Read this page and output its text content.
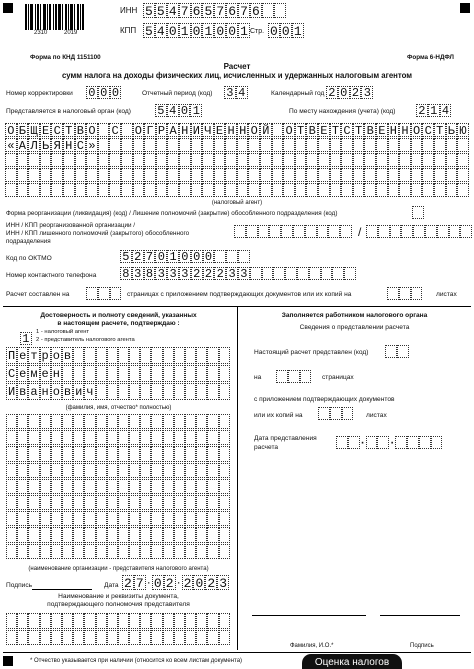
2310	2019
ИНН 5 5 4 7 6 5 7 6 7 6
КПП 5 4 0 1 0 1 0 0 1 Стр. 0 0 1
Форма по КНД 1151100	Форма 6-НДФЛ
Расчет
сумм налога на доходы физических лиц, исчисленных и удержанных налоговым агентом
Номер корректировки 0 0 0	Отчетный период (код) 3 4	Календарный год 2 0 2 3
Представляется в налоговый орган (код) 5 4 0 1	По месту нахождения (учета) (код) 2 1 4
О Б Щ Е С Т В О С О Г Р А Н И Ч Е Н Н О Й О Т В Е Т С Т В Е Н Н О С Т Ь Ю
« А Л Ь Я Н С »
(налоговый агент)
Форма реорганизации (ликвидация) (код) / Лишение полномочий (закрытие) обособленного подразделения (код)
ИНН / КПП реорганизованной организации /
ИНН / КПП лишенного полномочий (закрытого) обособленного
подразделения
/
Код по ОКТМО	5 2 7 0 1 0 0 0
Номер контактного телефона 8 3 8 3 3 3 2 2 2 3 3
Расчет составлен на	страницах с приложением подтверждающих документов или их копий на	листах
Достоверность и полноту сведений, указанных
в настоящем расчете, подтверждаю :
1	1 - налоговый агент
2 - представитель налогового агента
П е т р о в
С е м е н
И в а н о в и ч
(фамилия, имя, отчество* полностью)
(наименование организации - представителя налогового агента)
Подпись	Дата 2 7 · 0 2 · 2 0 2 3
Наименование и реквизиты документа,
подтверждающего полномочия представителя
Заполняется работником налогового органа
Сведения о представлении расчета
Настоящий расчет представлен (код)
на	страницах
с приложением подтверждающих документов
или их копий на	листах
Дата представления
расчета	· ·
Фамилия, И.О.*	Подпись
* Отчество указывается при наличии (относится ко всем листам документа)	Оценка налогов
